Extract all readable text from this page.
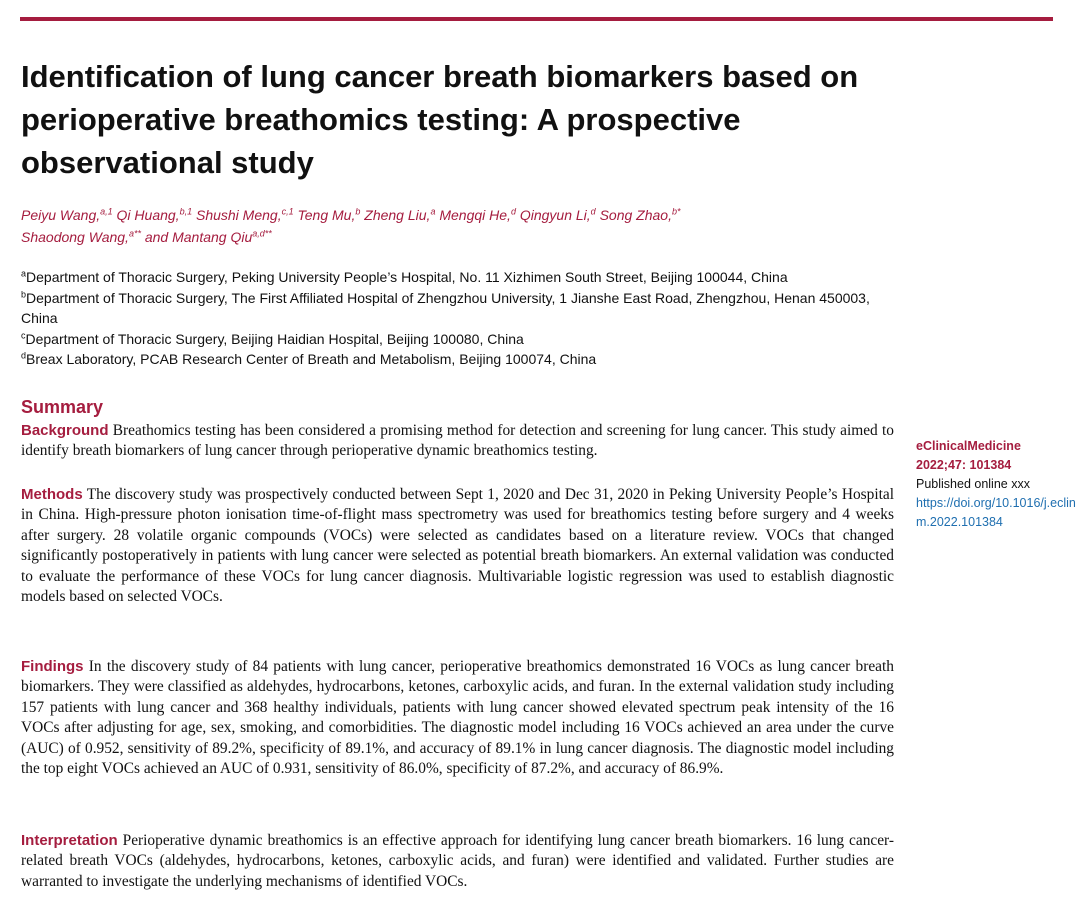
Identification of lung cancer breath biomarkers based on perioperative breathomics testing: A prospective observational study
Peiyu Wang,$^{a,1}$ Qi Huang,$^{b,1}$ Shushi Meng,$^{c,1}$ Teng Mu,$^b$ Zheng Liu,$^a$ Mengqi He,$^d$ Qingyun Li,$^d$ Song Zhao,$^{b*}$
Shaodong Wang,$^{a**}$ and Mantang Qiu$^{a,d**}$
$^a$Department of Thoracic Surgery, Peking University People’s Hospital, No. 11 Xizhimen South Street, Beijing 100044, China
$^b$Department of Thoracic Surgery, The First Affiliated Hospital of Zhengzhou University, 1 Jianshe East Road, Zhengzhou, Henan 450003, China
$^c$Department of Thoracic Surgery, Beijing Haidian Hospital, Beijing 100080, China
$^d$Breax Laboratory, PCAB Research Center of Breath and Metabolism, Beijing 100074, China
Summary

Background Breathomics testing has been considered a promising method for detection and screening for lung cancer. This study aimed to identify breath biomarkers of lung cancer through perioperative dynamic breathomics testing.

Methods The discovery study was prospectively conducted between Sept 1, 2020 and Dec 31, 2020 in Peking University People’s Hospital in China. High-pressure photon ionisation time-of-flight mass spectrometry was used for breathomics testing before surgery and 4 weeks after surgery. 28 volatile organic compounds (VOCs) were selected as candidates based on a literature review. VOCs that changed significantly postoperatively in patients with lung cancer were selected as potential breath biomarkers. An external validation was conducted to evaluate the performance of these VOCs for lung cancer diagnosis. Multivariable logistic regression was used to establish diagnostic models based on selected VOCs.

Findings In the discovery study of 84 patients with lung cancer, perioperative breathomics demonstrated 16 VOCs as lung cancer breath biomarkers. They were classified as aldehydes, hydrocarbons, ketones, carboxylic acids, and furan. In the external validation study including 157 patients with lung cancer and 368 healthy individuals, patients with lung cancer showed elevated spectrum peak intensity of the 16 VOCs after adjusting for age, sex, smoking, and comorbidities. The diagnostic model including 16 VOCs achieved an area under the curve (AUC) of 0.952, sensitivity of 89.2%, specificity of 89.1%, and accuracy of 89.1% in lung cancer diagnosis. The diagnostic model including the top eight VOCs achieved an AUC of 0.931, sensitivity of 86.0%, specificity of 87.2%, and accuracy of 86.9%.

Interpretation Perioperative dynamic breathomics is an effective approach for identifying lung cancer breath biomarkers. 16 lung cancer-related breath VOCs (aldehydes, hydrocarbons, ketones, carboxylic acids, and furan) were identified and validated. Further studies are warranted to investigate the underlying mechanisms of identified VOCs.

eClinicalMedicine
2022;47: 101384
Published online xxx
https://doi.org/10.1016/j.eclinm.2022.101384
